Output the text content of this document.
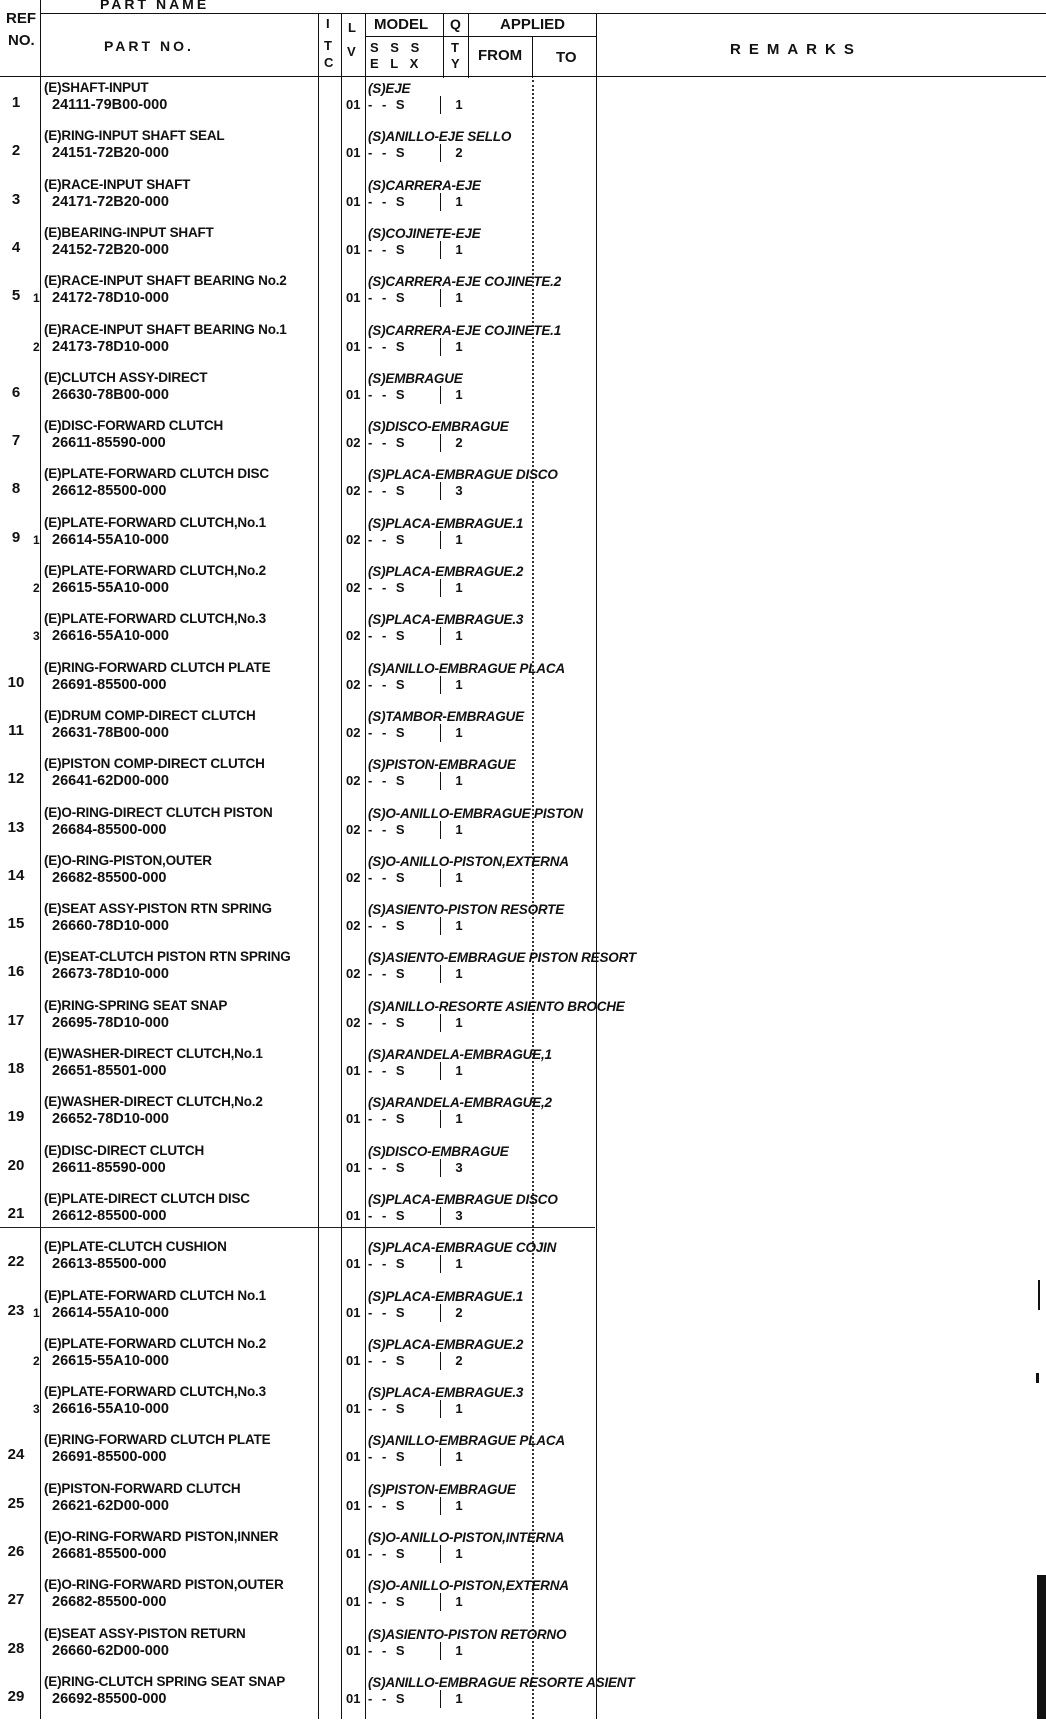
PART NAME
REF
NO.	PART NO.
I
T
C
L
V
MODEL
S S S
E L X
Q
T
Y
APPLIED
FROM TO	REMARKS
1
(E)SHAFT-INPUT
24111-79B00-000	01 - - S	1
(S)EJE
2
(E)RING-INPUT SHAFT SEAL
24151-72B20-000	01 - - S	2
(S)ANILLO-EJE SELLO
3
(E)RACE-INPUT SHAFT
24171-72B20-000	01 - - S	1
(S)CARRERA-EJE
4
(E)BEARING-INPUT SHAFT
24152-72B20-000	01 - - S	1
(S)COJINETE-EJE
5	1
(E)RACE-INPUT SHAFT BEARING No.2
24172-78D10-000	01 - - S	1
(S)CARRERA-EJE COJINETE.2
2
(E)RACE-INPUT SHAFT BEARING No.1
24173-78D10-000	01 - - S	1
(S)CARRERA-EJE COJINETE.1
6
(E)CLUTCH ASSY-DIRECT
26630-78B00-000	01 - - S	1
(S)EMBRAGUE
7
(E)DISC-FORWARD CLUTCH
26611-85590-000	02 - - S	2
(S)DISCO-EMBRAGUE
8
(E)PLATE-FORWARD CLUTCH DISC
26612-85500-000	02 - - S	3
(S)PLACA-EMBRAGUE DISCO
9	1
(E)PLATE-FORWARD CLUTCH,No.1
26614-55A10-000	02 - - S	1
(S)PLACA-EMBRAGUE.1
2
(E)PLATE-FORWARD CLUTCH,No.2
26615-55A10-000	02 - - S	1
(S)PLACA-EMBRAGUE.2
3
(E)PLATE-FORWARD CLUTCH,No.3
26616-55A10-000	02 - - S	1
(S)PLACA-EMBRAGUE.3
10
(E)RING-FORWARD CLUTCH PLATE
26691-85500-000	02 - - S	1
(S)ANILLO-EMBRAGUE PLACA
11
(E)DRUM COMP-DIRECT CLUTCH
26631-78B00-000	02 - - S	1
(S)TAMBOR-EMBRAGUE
12
(E)PISTON COMP-DIRECT CLUTCH
26641-62D00-000	02 - - S	1
(S)PISTON-EMBRAGUE
13
(E)O-RING-DIRECT CLUTCH PISTON
26684-85500-000	02 - - S	1
(S)O-ANILLO-EMBRAGUE PISTON
14
(E)O-RING-PISTON,OUTER
26682-85500-000	02 - - S	1
(S)O-ANILLO-PISTON,EXTERNA
15
(E)SEAT ASSY-PISTON RTN SPRING
26660-78D10-000	02 - - S	1
(S)ASIENTO-PISTON RESORTE
16
(E)SEAT-CLUTCH PISTON RTN SPRING
26673-78D10-000	02 - - S	1
(S)ASIENTO-EMBRAGUE PISTON RESORT
17
(E)RING-SPRING SEAT SNAP
26695-78D10-000	02 - - S	1
(S)ANILLO-RESORTE ASIENTO BROCHE
18
(E)WASHER-DIRECT CLUTCH,No.1
26651-85501-000	01 - - S	1
(S)ARANDELA-EMBRAGUE,1
19
(E)WASHER-DIRECT CLUTCH,No.2
26652-78D10-000	01 - - S	1
(S)ARANDELA-EMBRAGUE,2
20
(E)DISC-DIRECT CLUTCH
26611-85590-000	01 - - S	3
(S)DISCO-EMBRAGUE
21
(E)PLATE-DIRECT CLUTCH DISC
26612-85500-000	01 - - S	3
(S)PLACA-EMBRAGUE DISCO
22
(E)PLATE-CLUTCH CUSHION
26613-85500-000	01 - - S	1
(S)PLACA-EMBRAGUE COJIN
23 1
(E)PLATE-FORWARD CLUTCH No.1
26614-55A10-000	01 - - S	2
(S)PLACA-EMBRAGUE.1
2
(E)PLATE-FORWARD CLUTCH No.2
26615-55A10-000	01 - - S	2
(S)PLACA-EMBRAGUE.2
3
(E)PLATE-FORWARD CLUTCH,No.3
26616-55A10-000	01 - - S	1
(S)PLACA-EMBRAGUE.3
24
(E)RING-FORWARD CLUTCH PLATE
26691-85500-000	01 - - S	1
(S)ANILLO-EMBRAGUE PLACA
25
(E)PISTON-FORWARD CLUTCH
26621-62D00-000	01 - - S	1
(S)PISTON-EMBRAGUE
26
(E)O-RING-FORWARD PISTON,INNER
26681-85500-000	01 - - S	1
(S)O-ANILLO-PISTON,INTERNA
27
(E)O-RING-FORWARD PISTON,OUTER
26682-85500-000	01 - - S	1
(S)O-ANILLO-PISTON,EXTERNA
28
(E)SEAT ASSY-PISTON RETURN
26660-62D00-000	01 - - S	1
(S)ASIENTO-PISTON RETORNO
29
(E)RING-CLUTCH SPRING SEAT SNAP
26692-85500-000	01 - - S	1
(S)ANILLO-EMBRAGUE RESORTE ASIENT
